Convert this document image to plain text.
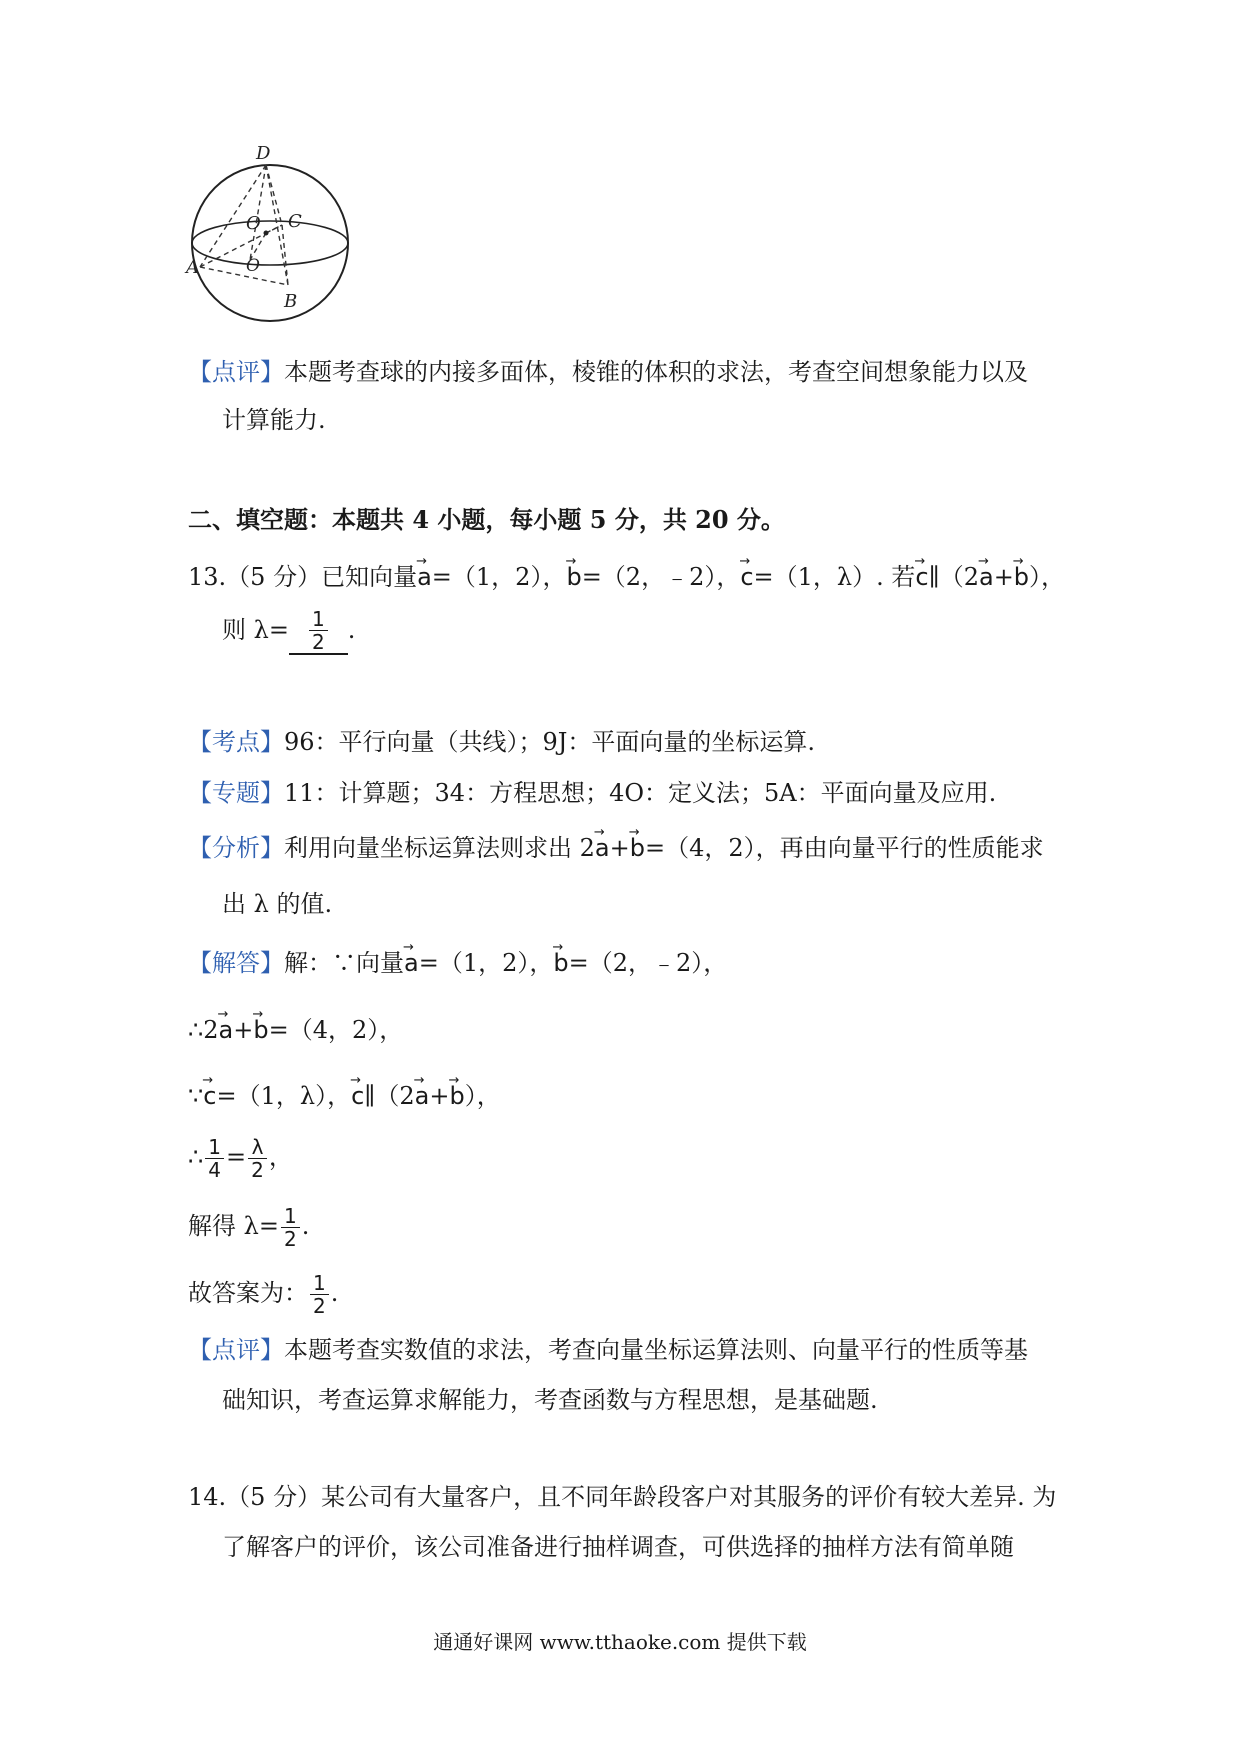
D
O C
O
A
B
【点评】本题考查球的内接多面体，棱锥的体积的求法，考查空间想象能力以及
计算能力.
二、填空题：本题共 4 小题，每小题 5 分，共 20 分。
13.（5 分）已知向量→ a=（1，2），→ b=（2，﹣2），→ c=（1，λ）. 若→ c∥（2→ a+→ b），
则 $\lambda= \frac{1}{2}$ .
【考点】96：平行向量（共线）；9J：平面向量的坐标运算.
【专题】11：计算题；34：方程思想；4O：定义法；5A：平面向量及应用.
【分析】利用向量坐标运算法则求出 2→ a+→ b=（4，2），再由向量平行的性质能求
出 λ 的值.
【解答】解：∵向量→ a=（1，2），→ b=（2，﹣2），
∴2→ a+→ b=（4，2），
∵→ c=（1，λ），→ c∥（2→ a+→ b），
∴ $\frac{1}{4} = \frac{\lambda}{2}$ ，
解得 $\lambda= \frac{1}{2}$ .
故答案为： $\frac{1}{2}$ .
【点评】本题考查实数值的求法，考查向量坐标运算法则、向量平行的性质等基
础知识，考查运算求解能力，考查函数与方程思想，是基础题.
14.（5 分）某公司有大量客户，且不同年龄段客户对其服务的评价有较大差异. 为
了解客户的评价，该公司准备进行抽样调查，可供选择的抽样方法有简单随
通通好课网 www.tthaoke.com 提供下载
